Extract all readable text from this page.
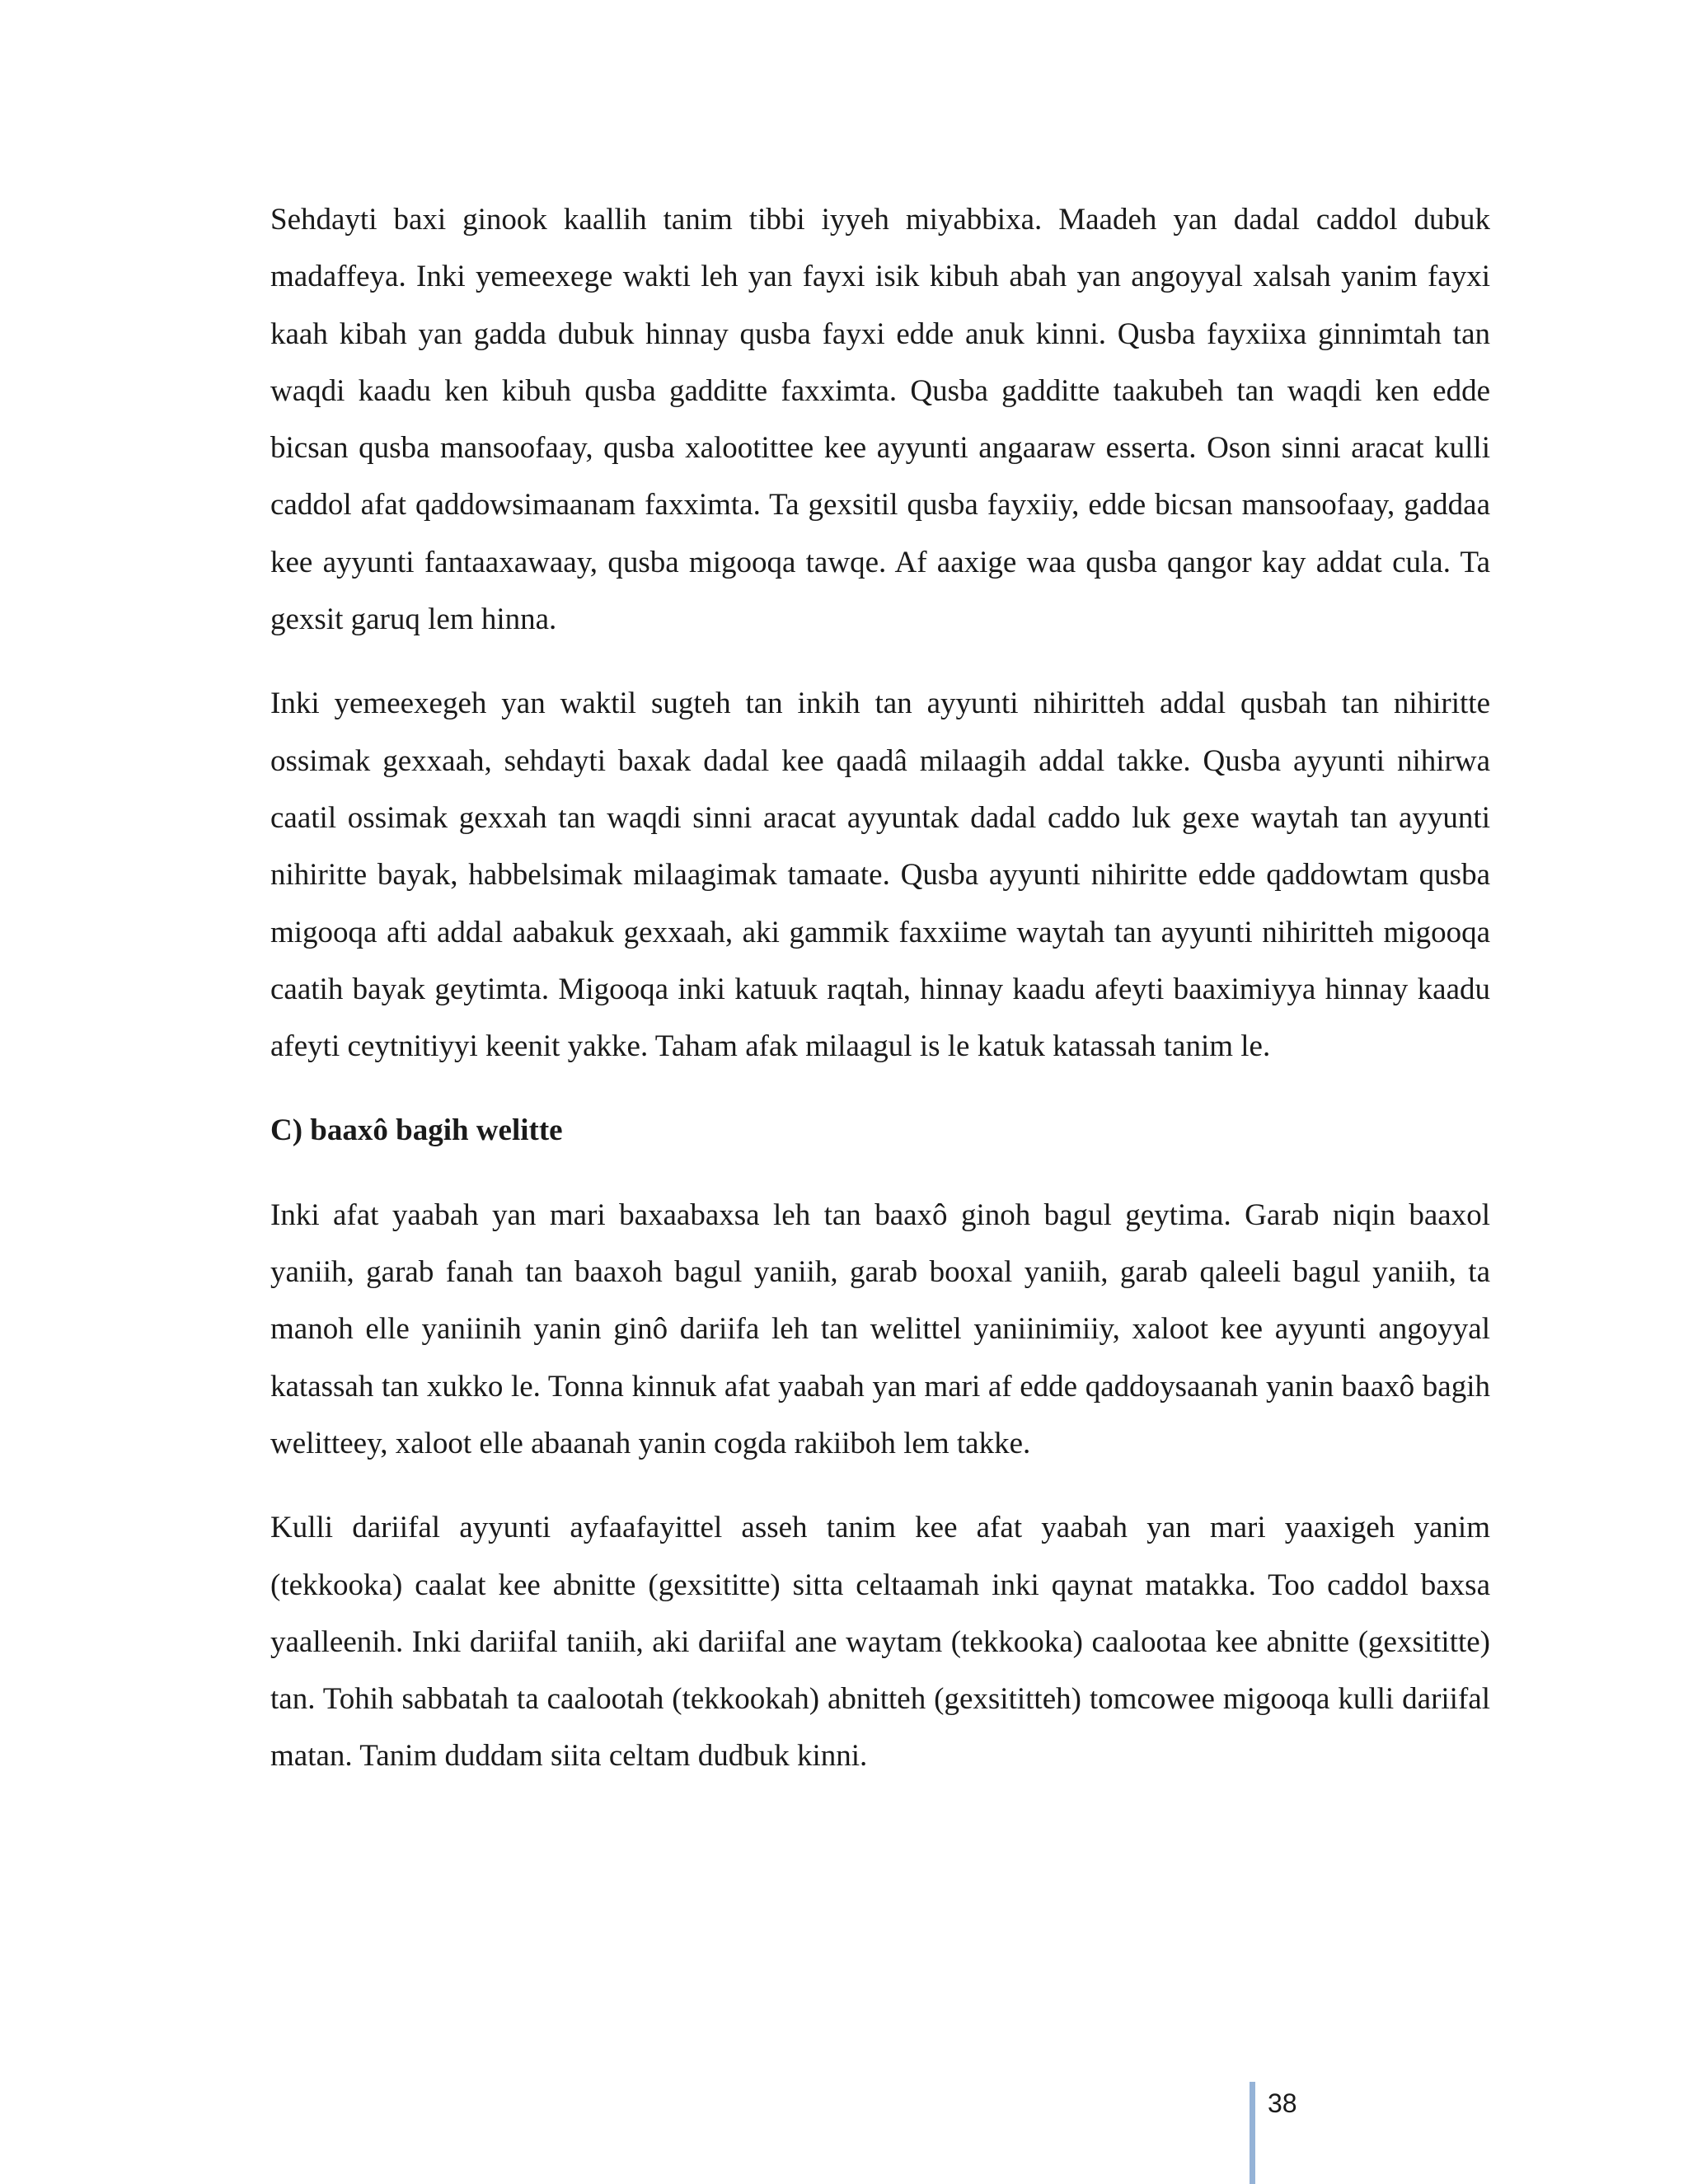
Sehdayti baxi ginook kaallih tanim tibbi iyyeh miyabbixa. Maadeh yan dadal caddol dubuk madaffeya. Inki yemeexege wakti leh yan fayxi isik kibuh abah yan angoyyal xalsah yanim fayxi kaah kibah yan gadda dubuk hinnay qusba fayxi edde anuk kinni. Qusba fayxiixa ginnimtah tan waqdi kaadu ken kibuh qusba gadditte faxximta. Qusba gadditte taakubeh tan waqdi ken edde bicsan qusba mansoofaay, qusba xalootittee kee ayyunti angaaraw esserta. Oson sinni aracat kulli caddol afat qaddowsimaanam faxximta. Ta gexsitil qusba fayxiiy, edde bicsan mansoofaay, gaddaa kee ayyunti fantaaxawaay, qusba migooqa tawqe. Af aaxige waa qusba qangor kay addat cula. Ta gexsit garuq lem hinna.

Inki yemeexegeh yan waktil sugteh tan inkih tan ayyunti nihiritteh addal qusbah tan nihiritte ossimak gexxaah, sehdayti baxak dadal kee qaadâ milaagih addal takke. Qusba ayyunti nihirwa caatil ossimak gexxah tan waqdi sinni aracat ayyuntak dadal caddo luk gexe waytah tan ayyunti nihiritte bayak, habbelsimak milaagimak tamaate. Qusba ayyunti nihiritte edde qaddowtam qusba migooqa afti addal aabakuk gexxaah, aki gammik faxxiime waytah tan ayyunti nihiritteh migooqa caatih bayak geytimta. Migooqa inki katuuk raqtah, hinnay kaadu afeyti baaximiyya hinnay kaadu afeyti ceytnitiyyi keenit yakke. Taham afak milaagul is le katuk katassah tanim le.

C) baaxô bagih welitte

Inki afat yaabah yan mari baxaabaxsa leh tan baaxô ginoh bagul geytima. Garab niqin baaxol yaniih, garab fanah tan baaxoh bagul yaniih, garab booxal yaniih, garab qaleeli bagul yaniih, ta manoh elle yaniinih yanin ginô dariifa leh tan welittel yaniinimiiy, xaloot kee ayyunti angoyyal katassah tan xukko le. Tonna kinnuk afat yaabah yan mari af edde qaddoysaanah yanin baaxô bagih welitteey, xaloot elle abaanah yanin cogda rakiiboh lem takke.

Kulli dariifal ayyunti ayfaafayittel asseh tanim kee afat yaabah yan mari yaaxigeh yanim (tekkooka) caalat kee abnitte (gexsititte) sitta celtaamah inki qaynat matakka. Too caddol baxsa yaalleenih. Inki dariifal taniih, aki dariifal ane waytam (tekkooka) caalootaa kee abnitte (gexsititte) tan. Tohih sabbatah ta caalootah (tekkookah) abnitteh (gexsititteh) tomcowee migooqa kulli dariifal matan. Tanim duddam siita celtam dudbuk kinni.

38
